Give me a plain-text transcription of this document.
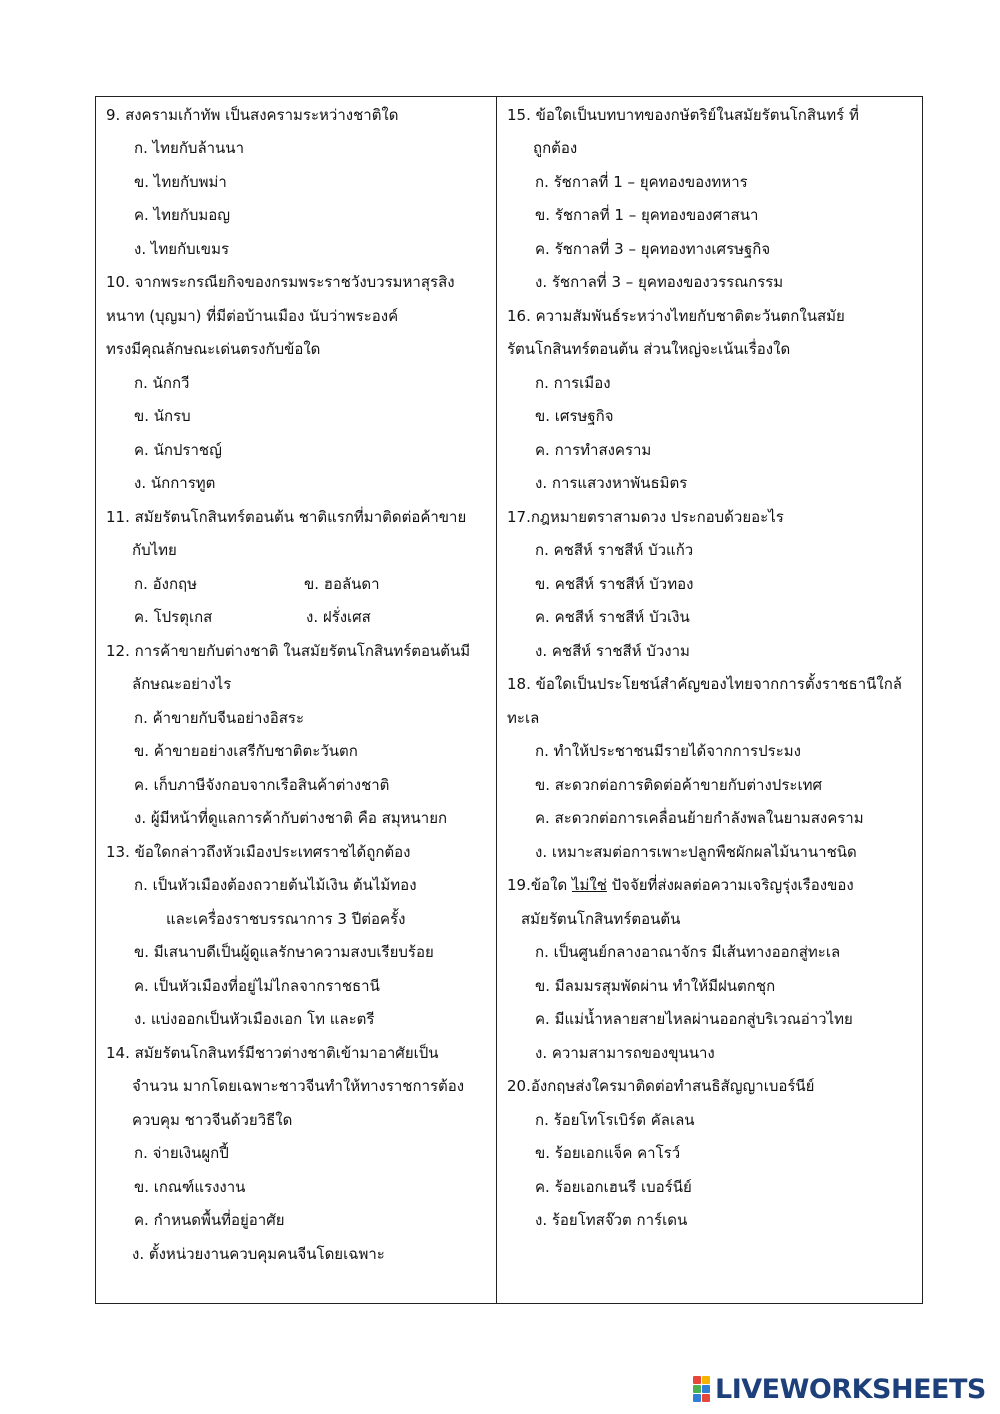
9. สงครามเก้าทัพ เป็นสงครามระหว่างชาติใด
ก. ไทยกับล้านนา
ข. ไทยกับพม่า
ค. ไทยกับมอญ
ง. ไทยกับเขมร
10. จากพระกรณียกิจของกรมพระราชวังบวรมหาสุรสิง
หนาท (บุญมา) ที่มีต่อบ้านเมือง นับว่าพระองค์
ทรงมีคุณลักษณะเด่นตรงกับข้อใด
ก. นักกวี
ข. นักรบ
ค. นักปราชญ์
ง. นักการทูต
11. สมัยรัตนโกสินทร์ตอนต้น ชาติแรกที่มาติดต่อค้าขาย
กับไทย
ก. อังกฤษ	ข. ฮอลันดา
ค. โปรตุเกส	ง. ฝรั่งเศส
12. การค้าขายกับต่างชาติ ในสมัยรัตนโกสินทร์ตอนต้นมี
ลักษณะอย่างไร
ก. ค้าขายกับจีนอย่างอิสระ
ข. ค้าขายอย่างเสรีกับชาติตะวันตก
ค. เก็บภาษีจังกอบจากเรือสินค้าต่างชาติ
ง. ผู้มีหน้าที่ดูแลการค้ากับต่างชาติ คือ สมุหนายก
13. ข้อใดกล่าวถึงหัวเมืองประเทศราชได้ถูกต้อง
ก. เป็นหัวเมืองต้องถวายต้นไม้เงิน ต้นไม้ทอง
และเครื่องราชบรรณาการ 3 ปีต่อครั้ง
ข. มีเสนาบดีเป็นผู้ดูแลรักษาความสงบเรียบร้อย
ค. เป็นหัวเมืองที่อยู่ไม่ไกลจากราชธานี
ง. แบ่งออกเป็นหัวเมืองเอก โท และตรี
14. สมัยรัตนโกสินทร์มีชาวต่างชาติเข้ามาอาศัยเป็น
จำนวน มากโดยเฉพาะชาวจีนทำให้ทางราชการต้อง
ควบคุม ชาวจีนด้วยวิธีใด
ก. จ่ายเงินผูกปี้
ข. เกณฑ์แรงงาน
ค. กำหนดพื้นที่อยู่อาศัย
ง. ตั้งหน่วยงานควบคุมคนจีนโดยเฉพาะ
15. ข้อใดเป็นบทบาทของกษัตริย์ในสมัยรัตนโกสินทร์ ที่
ถูกต้อง
ก. รัชกาลที่ 1 – ยุคทองของทหาร
ข. รัชกาลที่ 1 – ยุคทองของศาสนา
ค. รัชกาลที่ 3 – ยุคทองทางเศรษฐกิจ
ง. รัชกาลที่ 3 – ยุคทองของวรรณกรรม
16. ความสัมพันธ์ระหว่างไทยกับชาติตะวันตกในสมัย
รัตนโกสินทร์ตอนต้น ส่วนใหญ่จะเน้นเรื่องใด
ก. การเมือง
ข. เศรษฐกิจ
ค. การทำสงคราม
ง. การแสวงหาพันธมิตร
17.กฎหมายตราสามดวง ประกอบด้วยอะไร
ก. คชสีห์ ราชสีห์ บัวแก้ว
ข. คชสีห์ ราชสีห์ บัวทอง
ค. คชสีห์ ราชสีห์ บัวเงิน
ง. คชสีห์ ราชสีห์ บัวงาม
18. ข้อใดเป็นประโยชน์สำคัญของไทยจากการตั้งราชธานีใกล้
ทะเล
ก. ทำให้ประชาชนมีรายได้จากการประมง
ข. สะดวกต่อการติดต่อค้าขายกับต่างประเทศ
ค. สะดวกต่อการเคลื่อนย้ายกำลังพลในยามสงคราม
ง. เหมาะสมต่อการเพาะปลูกพืชผักผลไม้นานาชนิด
19.ข้อใด ไม่ใช่ ปัจจัยที่ส่งผลต่อความเจริญรุ่งเรืองของ
สมัยรัตนโกสินทร์ตอนต้น
ก. เป็นศูนย์กลางอาณาจักร มีเส้นทางออกสู่ทะเล
ข. มีลมมรสุมพัดผ่าน ทำให้มีฝนตกชุก
ค. มีแม่น้ำหลายสายไหลผ่านออกสู่บริเวณอ่าวไทย
ง. ความสามารถของขุนนาง
20.อังกฤษส่งใครมาติดต่อทำสนธิสัญญาเบอร์นีย์
ก. ร้อยโทโรเบิร์ต คัลเลน
ข. ร้อยเอกแจ็ค คาโรว์
ค. ร้อยเอกเฮนรี เบอร์นีย์
ง. ร้อยโทสจ๊วต การ์เดน
LIVEWORKSHEETS
